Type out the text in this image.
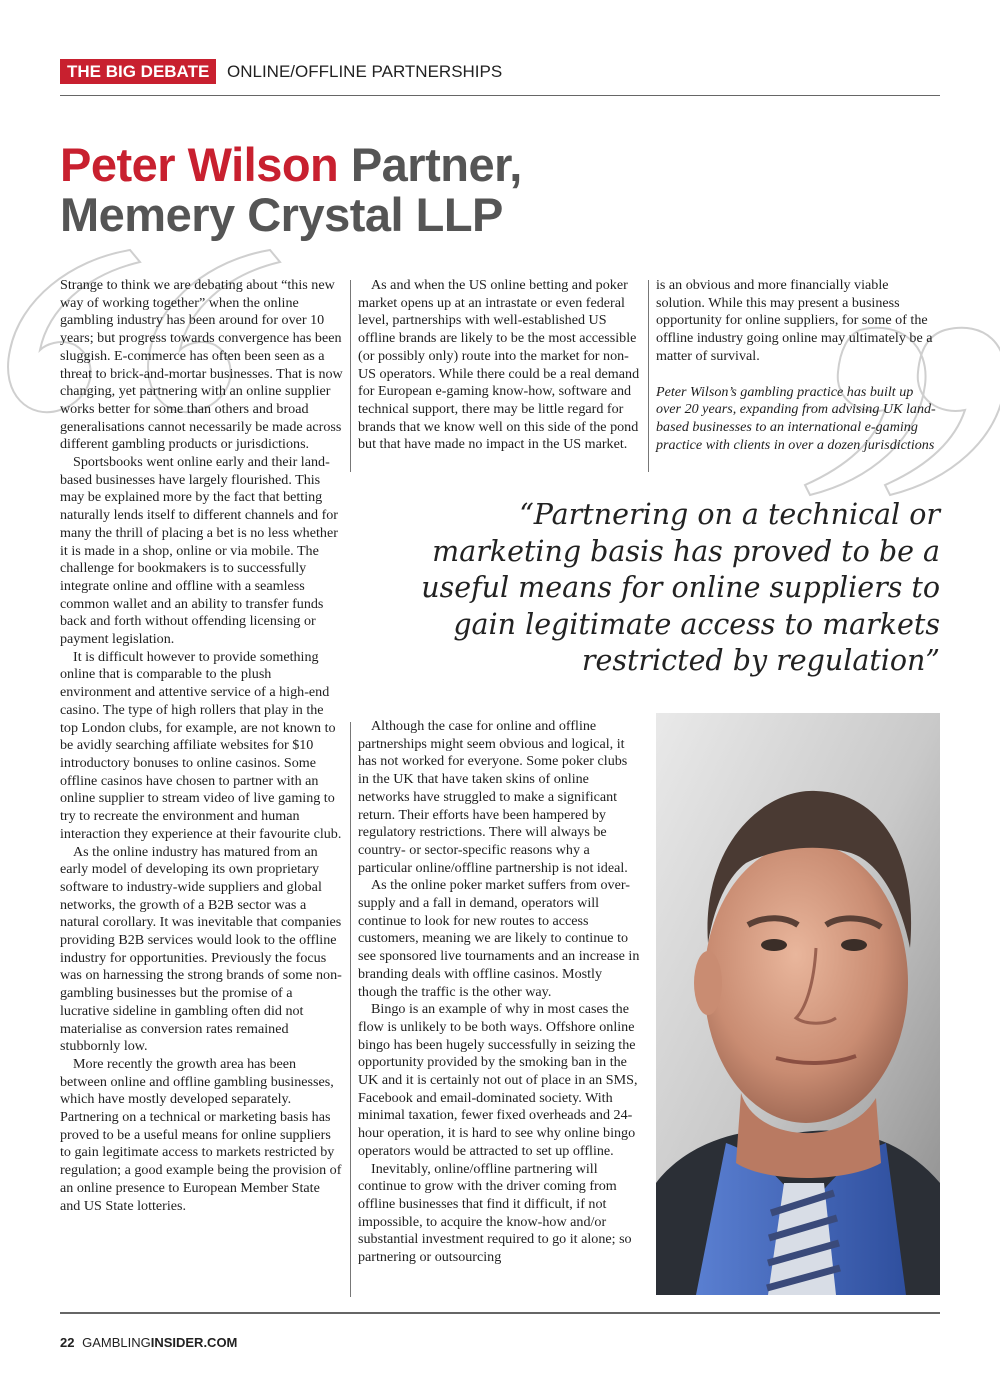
THE BIG DEBATE	ONLINE/OFFLINE PARTNERSHIPS
Peter Wilson Partner,
Memery Crystal LLP

Strange to think we are debating about “this new way of working together” when the online gambling industry has been around for over 10 years; but progress towards convergence has been sluggish. E-commerce has often been seen as a threat to brick-and-mortar businesses. That is now changing, yet partnering with an online supplier works better for some than others and broad generalisations cannot necessarily be made across different gambling products or jurisdictions.

Sportsbooks went online early and their land-based businesses have largely flourished. This may be explained more by the fact that betting naturally lends itself to different channels and for many the thrill of placing a bet is no less whether it is made in a shop, online or via mobile. The challenge for bookmakers is to successfully integrate online and offline with a seamless common wallet and an ability to transfer funds back and forth without offending licensing or payment legislation.

It is difficult however to provide something online that is comparable to the plush environment and attentive service of a high-end casino. The type of high rollers that play in the top London clubs, for example, are not known to be avidly searching affiliate websites for $10 introductory bonuses to online casinos. Some offline casinos have chosen to partner with an online supplier to stream video of live gaming to try to recreate the environment and human interaction they experience at their favourite club.

As the online industry has matured from an early model of developing its own proprietary software to industry-wide suppliers and global networks, the growth of a B2B sector was a natural corollary. It was inevitable that companies providing B2B services would look to the offline industry for opportunities. Previously the focus was on harnessing the strong brands of some non-gambling businesses but the promise of a lucrative sideline in gambling often did not materialise as conversion rates remained stubbornly low.

More recently the growth area has been between online and offline gambling businesses, which have mostly developed separately. Partnering on a technical or marketing basis has proved to be a useful means for online suppliers to gain legitimate access to markets restricted by regulation; a good example being the provision of an online presence to European Member State and US State lotteries.

As and when the US online betting and poker market opens up at an intrastate or even federal level, partnerships with well-established US offline brands are likely to be the most accessible (or possibly only) route into the market for non-US operators. While there could be a real demand for European e-gaming know-how, software and technical support, there may be little regard for brands that we know well on this side of the pond but that have made no impact in the US market.

is an obvious and more financially viable solution. While this may present a business opportunity for online suppliers, for some of the offline industry going online may ultimately be a matter of survival.

Peter Wilson’s gambling practice has built up over 20 years, expanding from advising UK land-based businesses to an international e-gaming practice with clients in over a dozen jurisdictions

“Partnering on a technical or marketing basis has proved to be a useful means for online suppliers to gain legitimate access to markets restricted by regulation”

Although the case for online and offline partnerships might seem obvious and logical, it has not worked for everyone. Some poker clubs in the UK that have taken skins of online networks have struggled to make a significant return. Their efforts have been hampered by regulatory restrictions. There will always be country- or sector-specific reasons why a particular online/offline partnership is not ideal.

As the online poker market suffers from over-supply and a fall in demand, operators will continue to look for new routes to access customers, meaning we are likely to continue to see sponsored live tournaments and an increase in branding deals with offline casinos. Mostly though the traffic is the other way.

Bingo is an example of why in most cases the flow is unlikely to be both ways. Offshore online bingo has been hugely successfully in seizing the opportunity provided by the smoking ban in the UK and it is certainly not out of place in an SMS, Facebook and email-dominated society. With minimal taxation, fewer fixed overheads and 24-hour operation, it is hard to see why online bingo operators would be attracted to set up offline.

Inevitably, online/offline partnering will continue to grow with the driver coming from offline businesses that find it difficult, if not impossible, to acquire the know-how and/or substantial investment required to go it alone; so partnering or outsourcing

22 GAMBLINGINSIDER.COM
